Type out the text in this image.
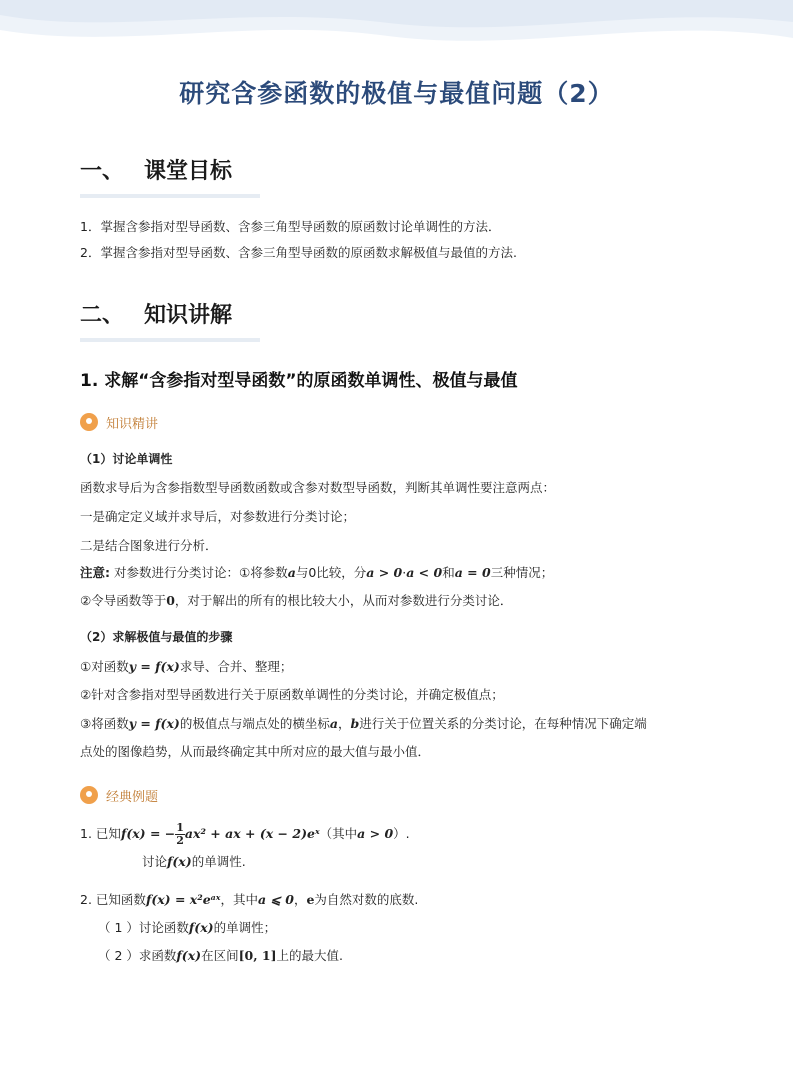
研究含参函数的极值与最值问题（2）
一、 课堂目标
1．掌握含参指对型导函数、含参三角型导函数的原函数讨论单调性的方法．
2．掌握含参指对型导函数、含参三角型导函数的原函数求解极值与最值的方法.
二、 知识讲解
1. 求解“含参指对型导函数”的原函数单调性、极值与最值
知识精讲
（1）讨论单调性
函数求导后为含参指数型导函数函数或含参对数型导函数，判断其单调性要注意两点：
一是确定定义域并求导后，对参数进行分类讨论；
二是结合图象进行分析．
注意: 对参数进行分类讨论：①将参数a与0比较，分a > 0·a < 0和a = 0三种情况；
②令导函数等于0，对于解出的所有的根比较大小，从而对参数进行分类讨论．
（2）求解极值与最值的步骤
①对函数y = f(x)求导、合并、整理；
②针对含参指对型导函数进行关于原函数单调性的分类讨论，并确定极值点；
③将函数y = f(x)的极值点与端点处的横坐标a，b进行关于位置关系的分类讨论，在每种情况下确定端
点处的图像趋势，从而最终确定其中所对应的最大值与最小值．
经典例题
1. 已知f(x) = − $\frac{1}{2} ax^2$ + ax + (x − 2)eˣ（其中a > 0）.
讨论f(x)的单调性.
2. 已知函数f(x) = x²eᵃˣ，其中a ⩽ 0，e为自然对数的底数.
（ 1 ）讨论函数f(x)的单调性；
（ 2 ）求函数f(x)在区间[0, 1]上的最大值.
